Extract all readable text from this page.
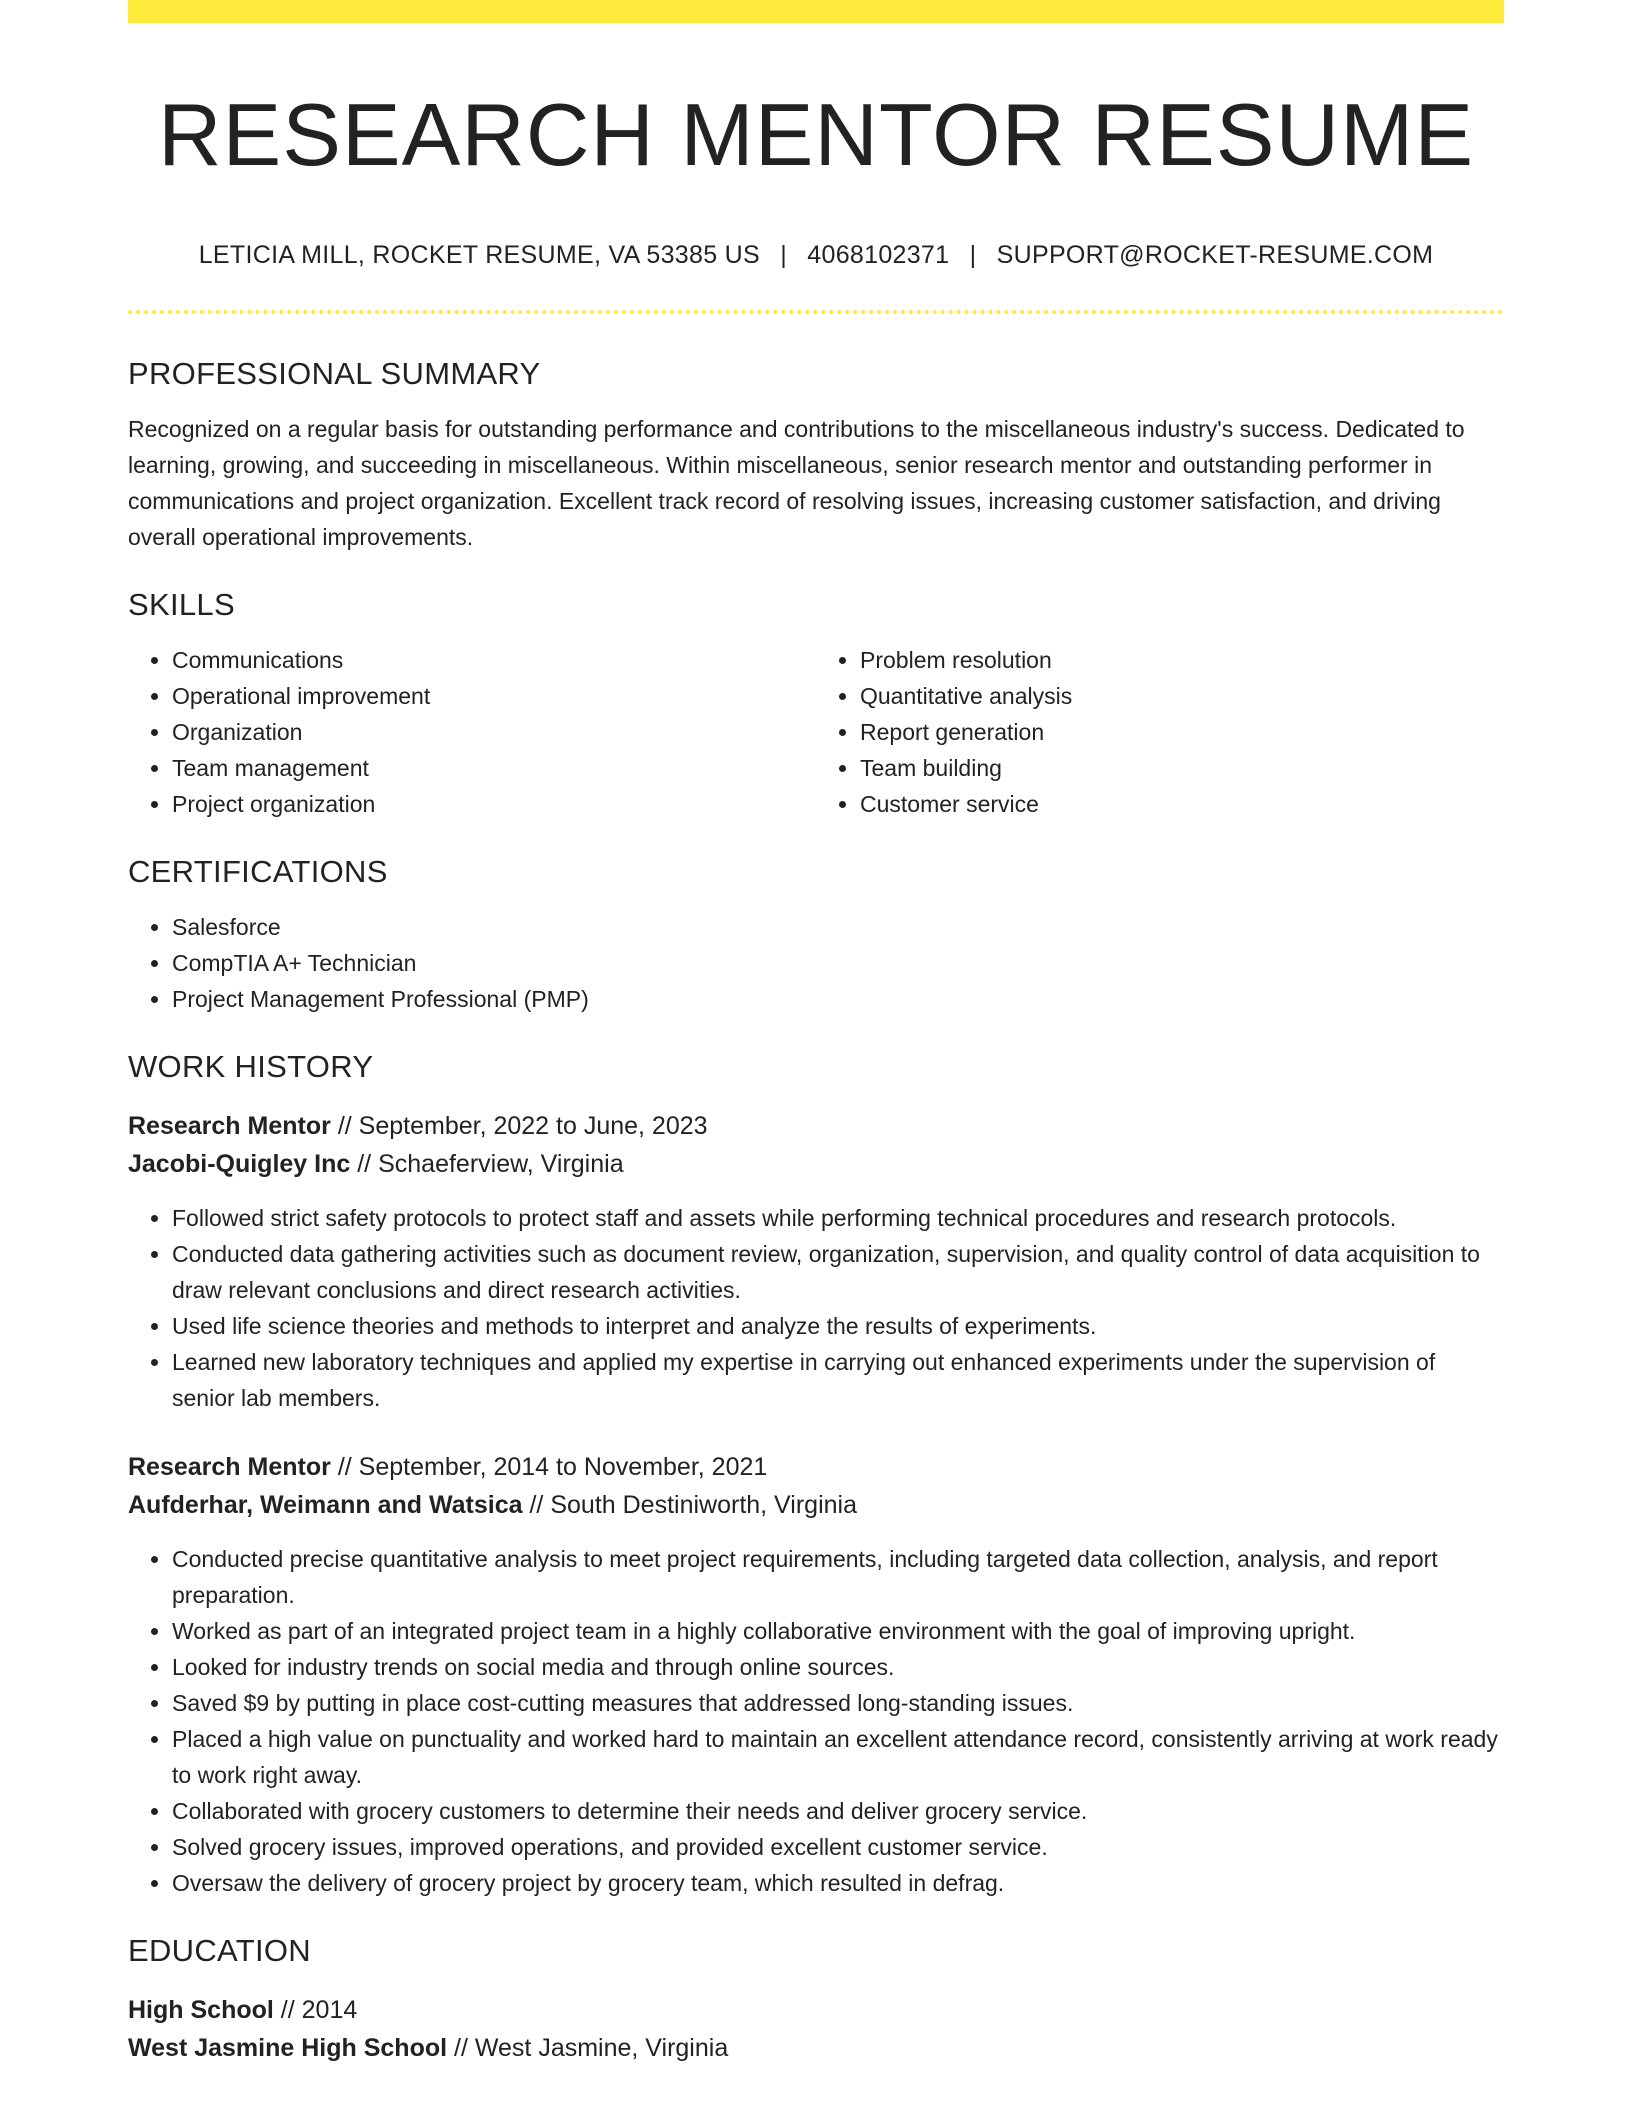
RESEARCH MENTOR RESUME
LETICIA MILL, ROCKET RESUME, VA 53385 US | 4068102371 | SUPPORT@ROCKET-RESUME.COM
PROFESSIONAL SUMMARY

Recognized on a regular basis for outstanding performance and contributions to the miscellaneous industry's success. Dedicated to learning, growing, and succeeding in miscellaneous. Within miscellaneous, senior research mentor and outstanding performer in communications and project organization. Excellent track record of resolving issues, increasing customer satisfaction, and driving overall operational improvements.

SKILLS
• Communications
• Operational improvement
• Organization
• Team management
• Project organization
• Problem resolution
• Quantitative analysis
• Report generation
• Team building
• Customer service
CERTIFICATIONS
• Salesforce
• CompTIA A+ Technician
• Project Management Professional (PMP)
WORK HISTORY
Research Mentor // September, 2022 to June, 2023
Jacobi-Quigley Inc // Schaeferview, Virginia
• Followed strict safety protocols to protect staff and assets while performing technical procedures and research protocols.
• Conducted data gathering activities such as document review, organization, supervision, and quality control of data acquisition to draw relevant conclusions and direct research activities.
• Used life science theories and methods to interpret and analyze the results of experiments.
• Learned new laboratory techniques and applied my expertise in carrying out enhanced experiments under the supervision of senior lab members.
Research Mentor // September, 2014 to November, 2021
Aufderhar, Weimann and Watsica // South Destiniworth, Virginia
• Conducted precise quantitative analysis to meet project requirements, including targeted data collection, analysis, and report preparation.
• Worked as part of an integrated project team in a highly collaborative environment with the goal of improving upright.
• Looked for industry trends on social media and through online sources.
• Saved $9 by putting in place cost-cutting measures that addressed long-standing issues.
• Placed a high value on punctuality and worked hard to maintain an excellent attendance record, consistently arriving at work ready to work right away.
• Collaborated with grocery customers to determine their needs and deliver grocery service.
• Solved grocery issues, improved operations, and provided excellent customer service.
• Oversaw the delivery of grocery project by grocery team, which resulted in defrag.
EDUCATION
High School // 2014
West Jasmine High School // West Jasmine, Virginia
